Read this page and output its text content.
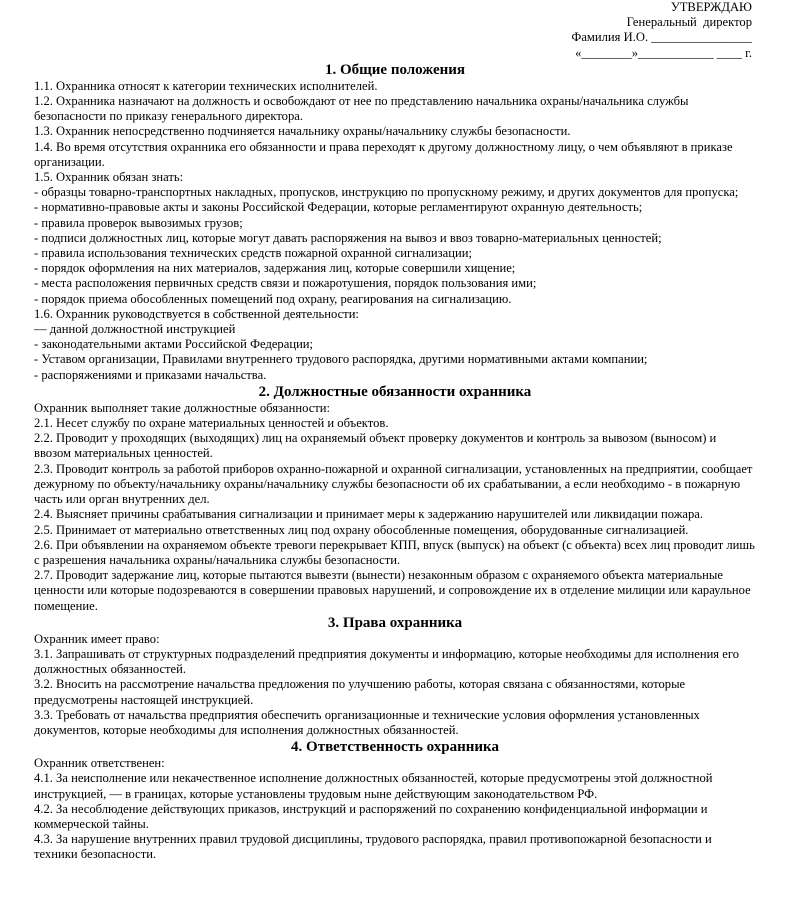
УТВЕРЖДАЮ
Генеральный  директор
Фамилия И.О. ________________
«________»____________ ____ г.
1. Общие положения
1.1. Охранника относят к категории технических исполнителей.
1.2. Охранника назначают на должность и освобождают от нее по представлению начальника охраны/начальника службы безопасности по приказу генерального директора.
1.3. Охранник непосредственно подчиняется начальнику охраны/начальнику службы безопасности.
1.4. Во время отсутствия охранника его обязанности и права переходят к другому должностному лицу, о чем объявляют в приказе организации.
1.5. Охранник обязан знать:
- образцы товарно-транспортных накладных, пропусков, инструкцию по пропускному режиму, и других документов для пропуска;
- нормативно-правовые акты и законы Российской Федерации, которые регламентируют охранную деятельность;
- правила проверок вывозимых грузов;
- подписи должностных лиц, которые могут давать распоряжения на вывоз и ввоз товарно-материальных ценностей;
- правила использования технических средств пожарной охранной сигнализации;
- порядок оформления на них материалов, задержания лиц, которые совершили хищение;
- места расположения первичных средств связи и пожаротушения, порядок пользования ими;
- порядок приема обособленных помещений под охрану, реагирования на сигнализацию.
1.6. Охранник руководствуется в собственной деятельности:
— данной должностной инструкцией
- законодательными актами Российской Федерации;
- Уставом организации, Правилами внутреннего трудового распорядка, другими нормативными актами компании;
- распоряжениями и приказами начальства.
2. Должностные обязанности охранника
Охранник выполняет такие должностные обязанности:
2.1. Несет службу по охране материальных ценностей и объектов.
2.2. Проводит у проходящих (выходящих) лиц на охраняемый объект проверку документов и контроль за вывозом (выносом) и ввозом материальных ценностей.
2.3. Проводит контроль за работой приборов охранно-пожарной и охранной сигнализации, установленных на предприятии, сообщает дежурному по объекту/начальнику охраны/начальнику службы безопасности об их срабатывании, а если необходимо - в пожарную часть или орган внутренних дел.
2.4. Выясняет причины срабатывания сигнализации и принимает меры к задержанию нарушителей или ликвидации пожара.
2.5. Принимает от материально ответственных лиц под охрану обособленные помещения, оборудованные сигнализацией.
2.6. При объявлении на охраняемом объекте тревоги перекрывает КПП, впуск (выпуск) на объект (с объекта) всех лиц проводит лишь с разрешения начальника охраны/начальника службы безопасности.
2.7. Проводит задержание лиц, которые пытаются вывезти (вынести) незаконным образом с охраняемого объекта материальные ценности или которые подозреваются в совершении правовых нарушений, и сопровождение их в отделение милиции или караульное помещение.
3. Права охранника
Охранник имеет право:
3.1. Запрашивать от структурных подразделений предприятия документы и информацию, которые необходимы для исполнения его должностных обязанностей.
3.2. Вносить на рассмотрение начальства предложения по улучшению работы, которая связана с обязанностями, которые предусмотрены настоящей инструкцией.
3.3. Требовать от начальства предприятия обеспечить организационные и технические условия оформления установленных документов, которые необходимы для исполнения должностных обязанностей.
4. Ответственность охранника
Охранник ответственен:
4.1. За неисполнение или некачественное исполнение должностных обязанностей, которые предусмотрены этой должностной инструкцией, — в границах, которые установлены трудовым ныне действующим законодательством РФ.
4.2. За несоблюдение действующих приказов, инструкций и распоряжений по сохранению конфиденциальной информации и коммерческой тайны.
4.3. За нарушение внутренних правил трудовой дисциплины, трудового распорядка, правил противопожарной безопасности и техники безопасности.
